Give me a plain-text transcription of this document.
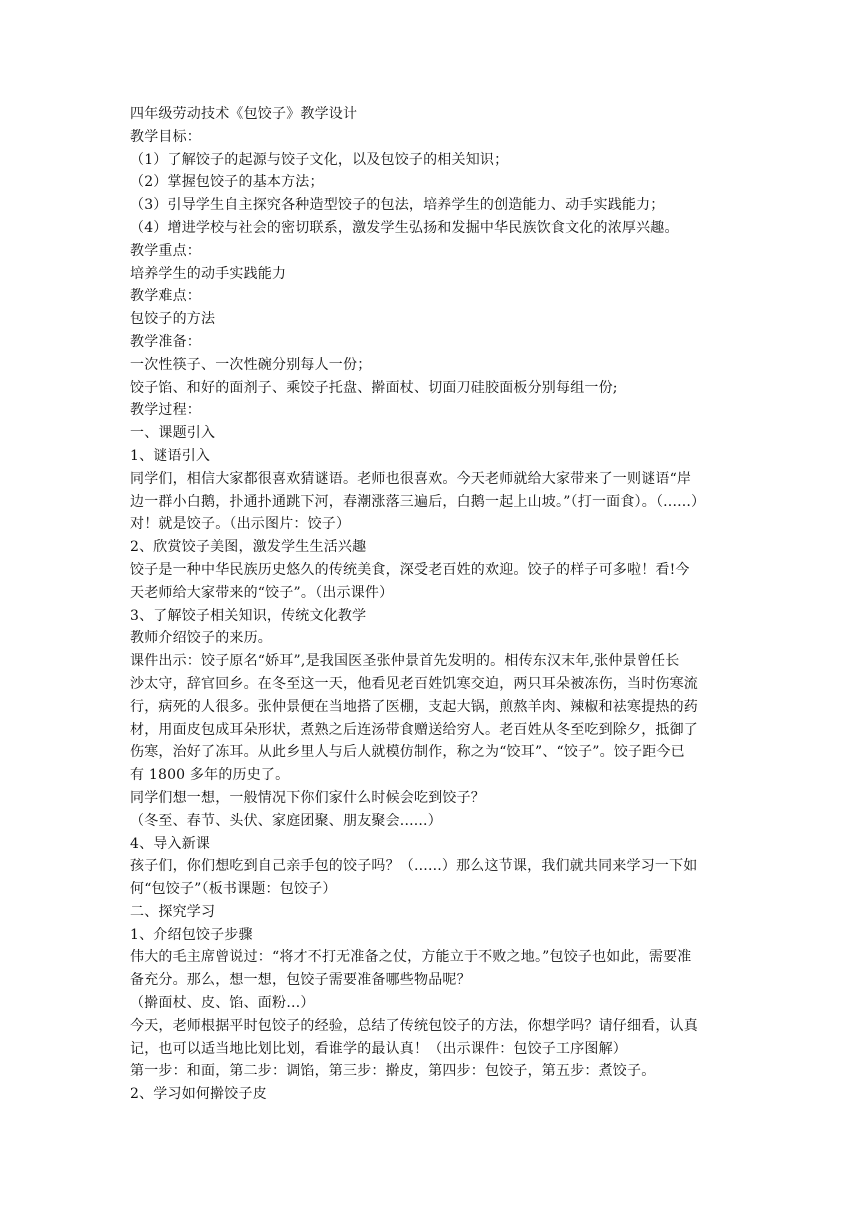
四年级劳动技术《包饺子》教学设计
教学目标：
（1）了解饺子的起源与饺子文化，以及包饺子的相关知识；
（2）掌握包饺子的基本方法；
（3）引导学生自主探究各种造型饺子的包法，培养学生的创造能力、动手实践能力；
（4）增进学校与社会的密切联系，激发学生弘扬和发掘中华民族饮食文化的浓厚兴趣。
教学重点：
培养学生的动手实践能力
教学难点：
包饺子的方法
教学准备：
一次性筷子、一次性碗分别每人一份；
饺子馅、和好的面剂子、乘饺子托盘、擀面杖、切面刀硅胶面板分别每组一份;
教学过程：
一、课题引入
1、谜语引入
同学们，相信大家都很喜欢猜谜语。老师也很喜欢。今天老师就给大家带来了一则谜语“岸
边一群小白鹅，扑通扑通跳下河，春潮涨落三遍后，白鹅一起上山坡。”（打一面食）。（......）
对！就是饺子。（出示图片：饺子）
2、欣赏饺子美图，激发学生生活兴趣
饺子是一种中华民族历史悠久的传统美食，深受老百姓的欢迎。饺子的样子可多啦！看!今
天老师给大家带来的“饺子”。（出示课件）
3、了解饺子相关知识，传统文化教学
教师介绍饺子的来历。
课件出示：饺子原名“娇耳”,是我国医圣张仲景首先发明的。相传东汉末年,张仲景曾任长
沙太守，辞官回乡。在冬至这一天，他看见老百姓饥寒交迫，两只耳朵被冻伤，当时伤寒流
行，病死的人很多。张仲景便在当地搭了医棚，支起大锅，煎熬羊肉、辣椒和祛寒提热的药
材，用面皮包成耳朵形状，煮熟之后连汤带食赠送给穷人。老百姓从冬至吃到除夕，抵御了
伤寒，治好了冻耳。从此乡里人与后人就模仿制作，称之为“饺耳”、“饺子”。饺子距今已
有 1800 多年的历史了。
同学们想一想，一般情况下你们家什么时候会吃到饺子？
（冬至、春节、头伏、家庭团聚、朋友聚会......）
4、导入新课
孩子们，你们想吃到自己亲手包的饺子吗？（......）那么这节课，我们就共同来学习一下如
何“包饺子”（板书课题：包饺子）
二、探究学习
1、介绍包饺子步骤
伟大的毛主席曾说过：“将才不打无准备之仗，方能立于不败之地。”包饺子也如此，需要准
备充分。那么，想一想，包饺子需要准备哪些物品呢？
（擀面杖、皮、馅、面粉…）
今天，老师根据平时包饺子的经验，总结了传统包饺子的方法，你想学吗？请仔细看，认真
记，也可以适当地比划比划，看谁学的最认真！（出示课件：包饺子工序图解）
第一步：和面，第二步：调馅，第三步：擀皮，第四步：包饺子，第五步：煮饺子。
2、学习如何擀饺子皮
